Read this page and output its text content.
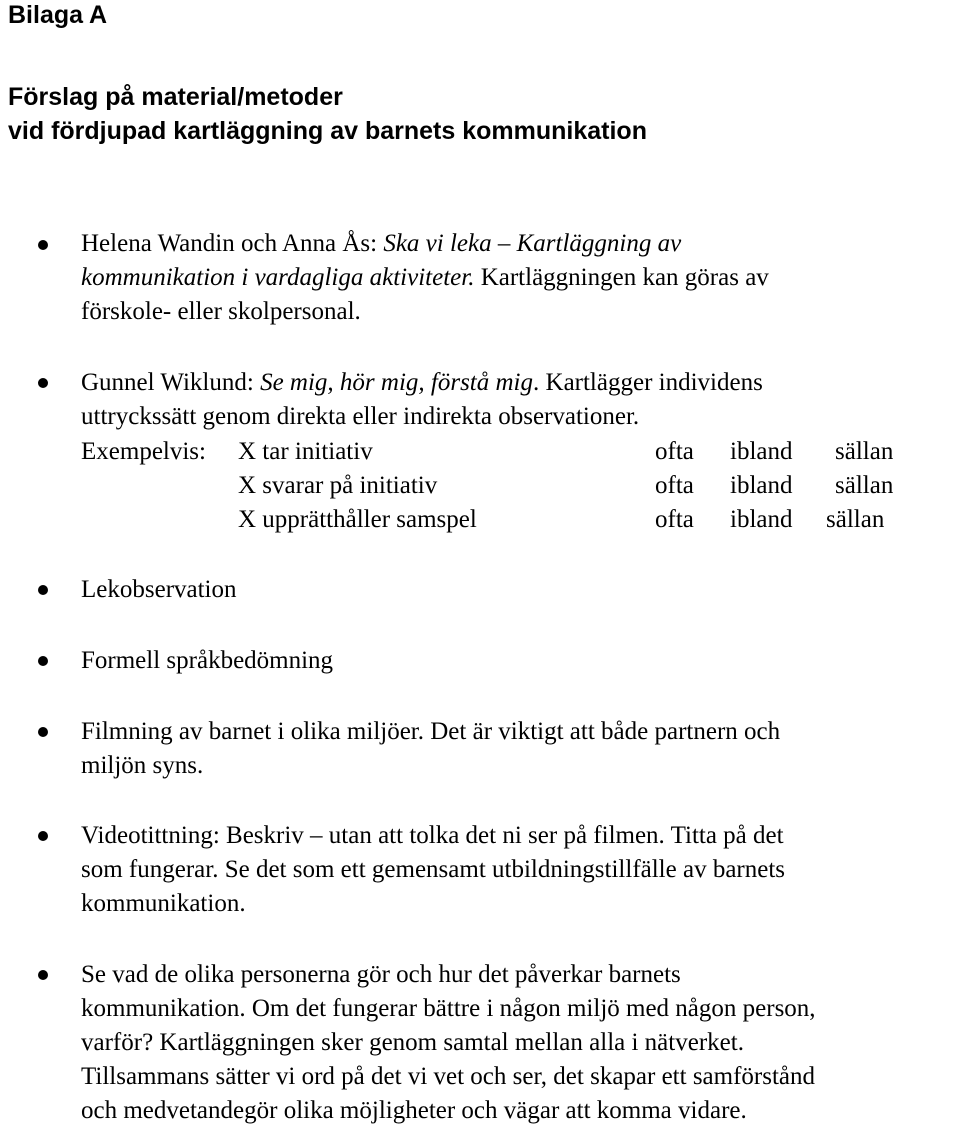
Bilaga A
Förslag på material/metoder
vid fördjupad kartläggning av barnets kommunikation
Helena Wandin och Anna Ås: Ska vi leka – Kartläggning av
kommunikation i vardagliga aktiviteter. Kartläggningen kan göras av
förskole- eller skolpersonal.
Gunnel Wiklund: Se mig, hör mig, förstå mig. Kartlägger individens
uttryckssätt genom direkta eller indirekta observationer.
Exempelvis: X tar initiativ	ofta ibland sällan
X svarar på initiativ	ofta ibland sällan
X upprätthåller samspel	ofta ibland sällan
Lekobservation
Formell språkbedömning
Filmning av barnet i olika miljöer. Det är viktigt att både partnern och
miljön syns.
Videotittning: Beskriv – utan att tolka det ni ser på filmen. Titta på det
som fungerar. Se det som ett gemensamt utbildningstillfälle av barnets
kommunikation.
Se vad de olika personerna gör och hur det påverkar barnets
kommunikation. Om det fungerar bättre i någon miljö med någon person,
varför? Kartläggningen sker genom samtal mellan alla i nätverket.
Tillsammans sätter vi ord på det vi vet och ser, det skapar ett samförstånd
och medvetandegör olika möjligheter och vägar att komma vidare.
